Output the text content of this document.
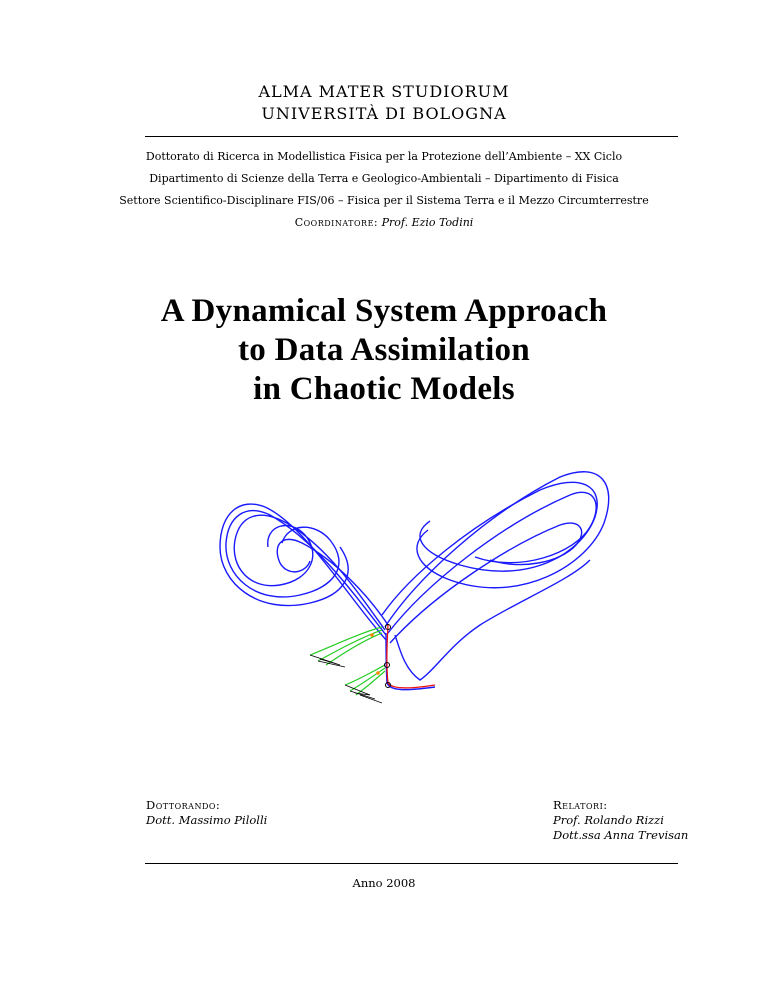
ALMA MATER STUDIORUM
UNIVERSITÀ DI BOLOGNA
Dottorato di Ricerca in Modellistica Fisica per la Protezione dell’Ambiente – XX Ciclo
Dipartimento di Scienze della Terra e Geologico-Ambientali – Dipartimento di Fisica
Settore Scientifico-Disciplinare FIS/06 – Fisica per il Sistema Terra e il Mezzo Circumterrestre
Coordinatore: Prof. Ezio Todini
A Dynamical System Approach
to Data Assimilation
in Chaotic Models
Dottorando:
Dott. Massimo Pilolli
Relatori:
Prof. Rolando Rizzi
Dott.ssa Anna Trevisan
Anno 2008
